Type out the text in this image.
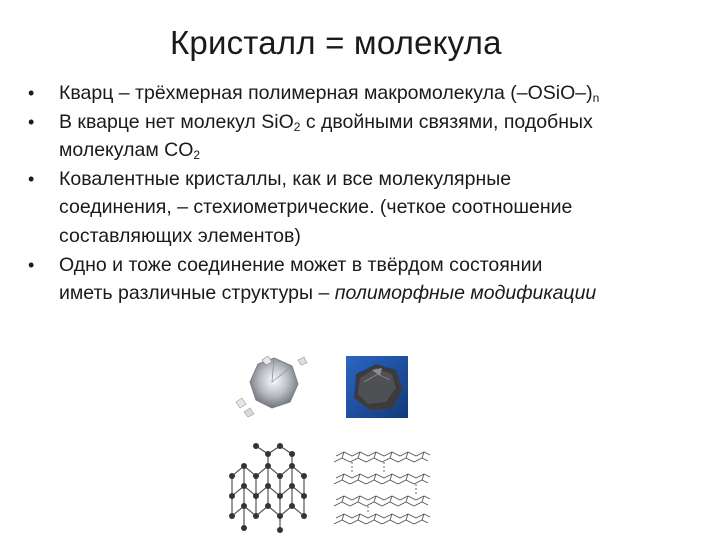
Кристалл = молекула
• Кварц – трёхмерная полимерная макромолекула $(-OSiO-)_n$
• В кварце нет молекул SiO$_2$ с двойными связями, подобных
молекулам $CO_2$
• Ковалентные кристаллы, как и все молекулярные
соединения, – стехиометрические. (четкое соотношение
составляющих элементов)
• Одно и тоже соединение может в твёрдом состоянии
иметь различные структуры – полиморфные модификации
